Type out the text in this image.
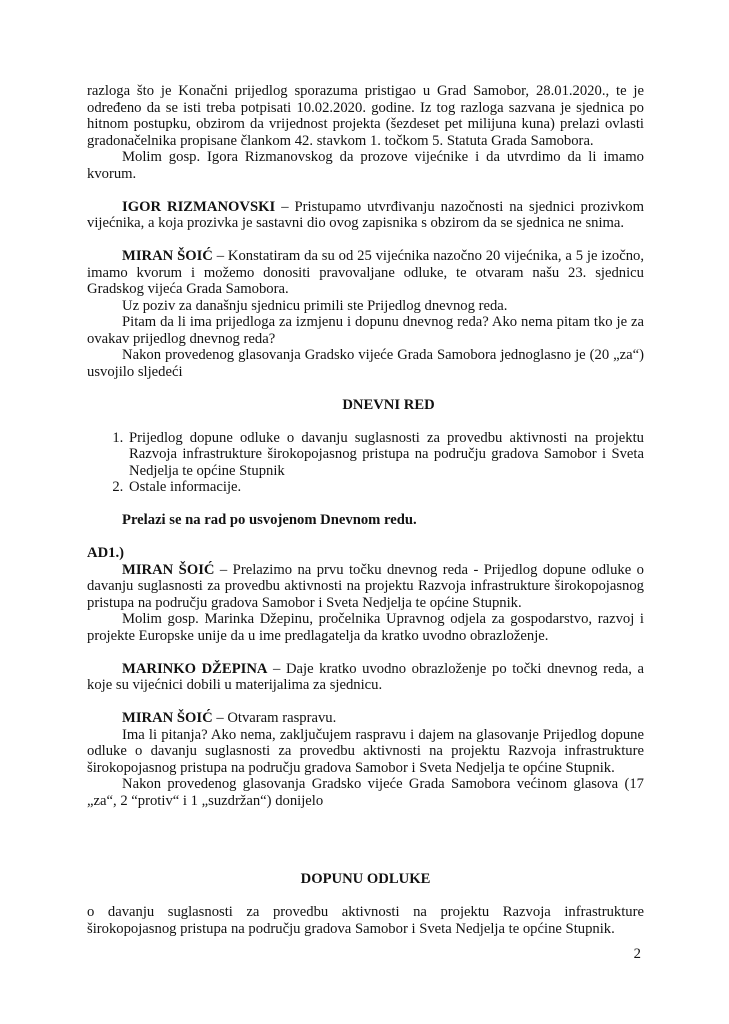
razloga što je Konačni prijedlog sporazuma pristigao u Grad Samobor, 28.01.2020., te je određeno da se isti treba potpisati 10.02.2020. godine. Iz tog razloga sazvana je sjednica po hitnom postupku, obzirom da vrijednost projekta (šezdeset pet milijuna kuna) prelazi ovlasti gradonačelnika propisane člankom 42. stavkom 1. točkom 5. Statuta Grada Samobora.

Molim gosp. Igora Rizmanovskog da prozove vijećnike i da utvrdimo da li imamo kvorum.

IGOR RIZMANOVSKI – Pristupamo utvrđivanju nazočnosti na sjednici prozivkom vijećnika, a koja prozivka je sastavni dio ovog zapisnika s obzirom da se sjednica ne snima.

MIRAN ŠOIĆ – Konstatiram da su od 25 vijećnika nazočno 20 vijećnika, a 5 je izočno, imamo kvorum i možemo donositi pravovaljane odluke, te otvaram našu 23. sjednicu Gradskog vijeća Grada Samobora.

Uz poziv za današnju sjednicu primili ste Prijedlog dnevnog reda.

Pitam da li ima prijedloga za izmjenu i dopunu dnevnog reda? Ako nema pitam tko je za ovakav prijedlog dnevnog reda?

Nakon provedenog glasovanja Gradsko vijeće Grada Samobora jednoglasno je (20 „za“) usvojilo sljedeći

DNEVNI RED
1. Prijedlog dopune odluke o davanju suglasnosti za provedbu aktivnosti na projektu Razvoja infrastrukture širokopojasnog pristupa na području gradova Samobor i Sveta Nedjelja te općine Stupnik
2. Ostale informacije.

Prelazi se na rad po usvojenom Dnevnom redu.

AD1.)

MIRAN ŠOIĆ – Prelazimo na prvu točku dnevnog reda - Prijedlog dopune odluke o davanju suglasnosti za provedbu aktivnosti na projektu Razvoja infrastrukture širokopojasnog pristupa na području gradova Samobor i Sveta Nedjelja te općine Stupnik.

Molim gosp. Marinka Džepinu, pročelnika Upravnog odjela za gospodarstvo, razvoj i projekte Europske unije da u ime predlagatelja da kratko uvodno obrazloženje.

MARINKO DŽEPINA – Daje kratko uvodno obrazloženje po točki dnevnog reda, a koje su vijećnici dobili u materijalima za sjednicu.

MIRAN ŠOIĆ – Otvaram raspravu.

Ima li pitanja? Ako nema, zaključujem raspravu i dajem na glasovanje Prijedlog dopune odluke o davanju suglasnosti za provedbu aktivnosti na projektu Razvoja infrastrukture širokopojasnog pristupa na području gradova Samobor i Sveta Nedjelja te općine Stupnik.

Nakon provedenog glasovanja Gradsko vijeće Grada Samobora većinom glasova (17 „za“, 2 “protiv“ i 1 „suzdržan“) donijelo

DOPUNU ODLUKE

o davanju suglasnosti za provedbu aktivnosti na projektu Razvoja infrastrukture širokopojasnog pristupa na području gradova Samobor i Sveta Nedjelja te općine Stupnik.

2
